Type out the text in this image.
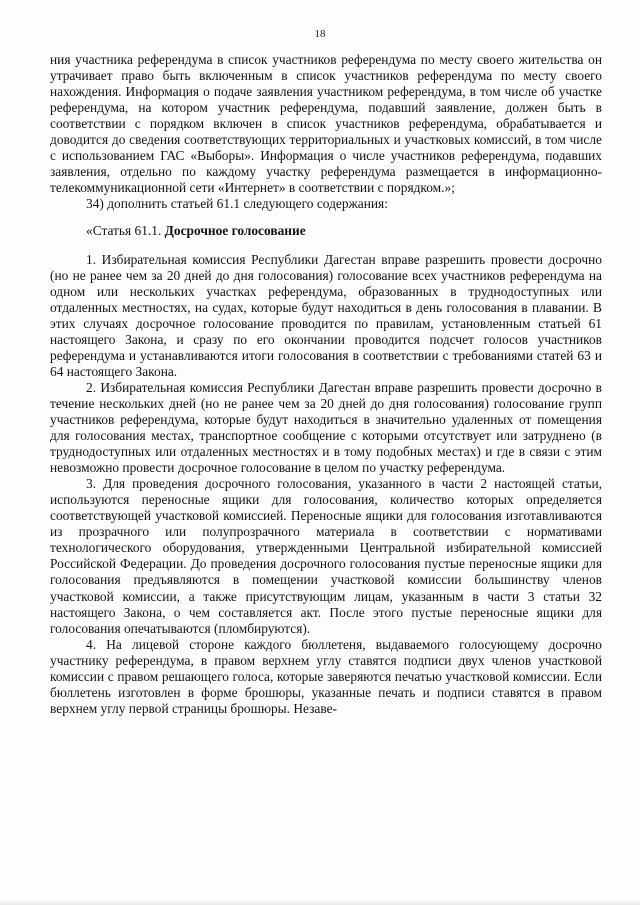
18

ния участника референдума в список участников референдума по месту своего жительства он утрачивает право быть включенным в список участников референдума по месту своего нахождения. Информация о подаче заявления участником референдума, в том числе об участке референдума, на котором участник референдума, подавший заявление, должен быть в соответствии с порядком включен в список участников референдума, обрабатывается и доводится до сведения соответствующих территориальных и участковых комиссий, в том числе с использованием ГАС «Выборы». Информация о числе участников референдума, подавших заявления, отдельно по каждому участку референдума размещается в информационно-телекоммуникационной сети «Интернет» в соответствии с порядком.»;

34) дополнить статьей 61.1 следующего содержания:

«Статья 61.1. Досрочное голосование

1. Избирательная комиссия Республики Дагестан вправе разрешить провести досрочно (но не ранее чем за 20 дней до дня голосования) голосование всех участников референдума на одном или нескольких участках референдума, образованных в труднодоступных или отдаленных местностях, на судах, которые будут находиться в день голосования в плавании. В этих случаях досрочное голосование проводится по правилам, установленным статьей 61 настоящего Закона, и сразу по его окончании проводится подсчет голосов участников референдума и устанавливаются итоги голосования в соответствии с требованиями статей 63 и 64 настоящего Закона.

2. Избирательная комиссия Республики Дагестан вправе разрешить провести досрочно в течение нескольких дней (но не ранее чем за 20 дней до дня голосования) голосование групп участников референдума, которые будут находиться в значительно удаленных от помещения для голосования местах, транспортное сообщение с которыми отсутствует или затруднено (в труднодоступных или отдаленных местностях и в тому подобных местах) и где в связи с этим невозможно провести досрочное голосование в целом по участку референдума.

3. Для проведения досрочного голосования, указанного в части 2 настоящей статьи, используются переносные ящики для голосования, количество которых определяется соответствующей участковой комиссией. Переносные ящики для голосования изготавливаются из прозрачного или полупрозрачного материала в соответствии с нормативами технологического оборудования, утвержденными Центральной избирательной комиссией Российской Федерации. До проведения досрочного голосования пустые переносные ящики для голосования предъявляются в помещении участковой комиссии большинству членов участковой комиссии, а также присутствующим лицам, указанным в части 3 статьи 32 настоящего Закона, о чем составляется акт. После этого пустые переносные ящики для голосования опечатываются (пломбируются).

4. На лицевой стороне каждого бюллетеня, выдаваемого голосующему досрочно участнику референдума, в правом верхнем углу ставятся подписи двух членов участковой комиссии с правом решающего голоса, которые заверяются печатью участковой комиссии. Если бюллетень изготовлен в форме брошюры, указанные печать и подписи ставятся в правом верхнем углу первой страницы брошюры. Незаве-
